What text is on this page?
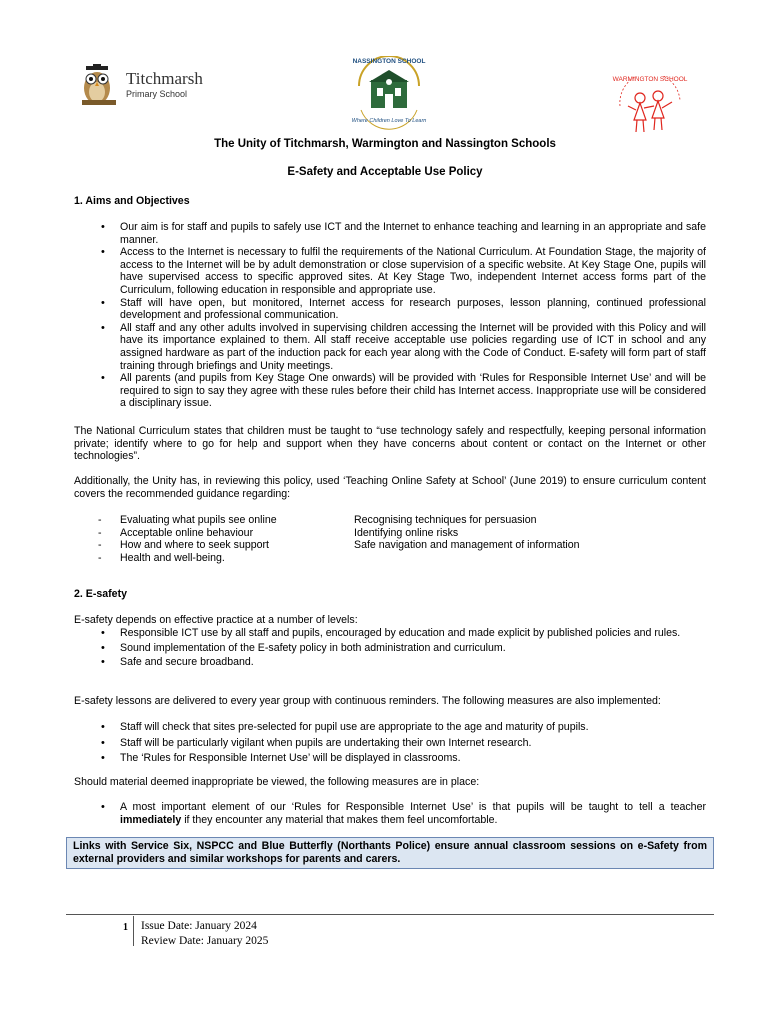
Titchmarsh
Primary School
NASSINGTON SCHOOL
Where Children Love To Learn
WARMINGTON SCHOOL
The Unity of Titchmarsh, Warmington and Nassington Schools
E-Safety and Acceptable Use Policy
1. Aims and Objectives
• Our aim is for staff and pupils to safely use ICT and the Internet to enhance teaching and learning in an appropriate and safe manner.
• Access to the Internet is necessary to fulfil the requirements of the National Curriculum. At Foundation Stage, the majority of access to the Internet will be by adult demonstration or close supervision of a specific website. At Key Stage One, pupils will have supervised access to specific approved sites. At Key Stage Two, independent Internet access forms part of the Curriculum, following education in responsible and appropriate use.
• Staff will have open, but monitored, Internet access for research purposes, lesson planning, continued professional development and professional communication.
• All staff and any other adults involved in supervising children accessing the Internet will be provided with this Policy and will have its importance explained to them. All staff receive acceptable use policies regarding use of ICT in school and any assigned hardware as part of the induction pack for each year along with the Code of Conduct. E-safety will form part of staff training through briefings and Unity meetings.
• All parents (and pupils from Key Stage One onwards) will be provided with ‘Rules for Responsible Internet Use’ and will be required to sign to say they agree with these rules before their child has Internet access. Inappropriate use will be considered a disciplinary issue.
The National Curriculum states that children must be taught to “use technology safely and respectfully, keeping personal information private; identify where to go for help and support when they have concerns about content or contact on the Internet or other technologies”.
Additionally, the Unity has, in reviewing this policy, used ‘Teaching Online Safety at School’ (June 2019) to ensure curriculum content covers the recommended guidance regarding:
- Evaluating what pupils see online
- Acceptable online behaviour
- How and where to seek support
- Health and well-being.
Recognising techniques for persuasion
Identifying online risks
Safe navigation and management of information
2. E-safety
E-safety depends on effective practice at a number of levels:
• Responsible ICT use by all staff and pupils, encouraged by education and made explicit by published policies and rules.
• Sound implementation of the E-safety policy in both administration and curriculum.
• Safe and secure broadband.
E-safety lessons are delivered to every year group with continuous reminders. The following measures are also implemented:
• Staff will check that sites pre-selected for pupil use are appropriate to the age and maturity of pupils.
• Staff will be particularly vigilant when pupils are undertaking their own Internet research.
• The ‘Rules for Responsible Internet Use’ will be displayed in classrooms.
Should material deemed inappropriate be viewed, the following measures are in place:
• A most important element of our ‘Rules for Responsible Internet Use’ is that pupils will be taught to tell a teacher immediately if they encounter any material that makes them feel uncomfortable.
Links with Service Six, NSPCC and Blue Butterfly (Northants Police) ensure annual classroom sessions on e-Safety from external providers and similar workshops for parents and carers.
1 Issue Date: January 2024
Review Date: January 2025
